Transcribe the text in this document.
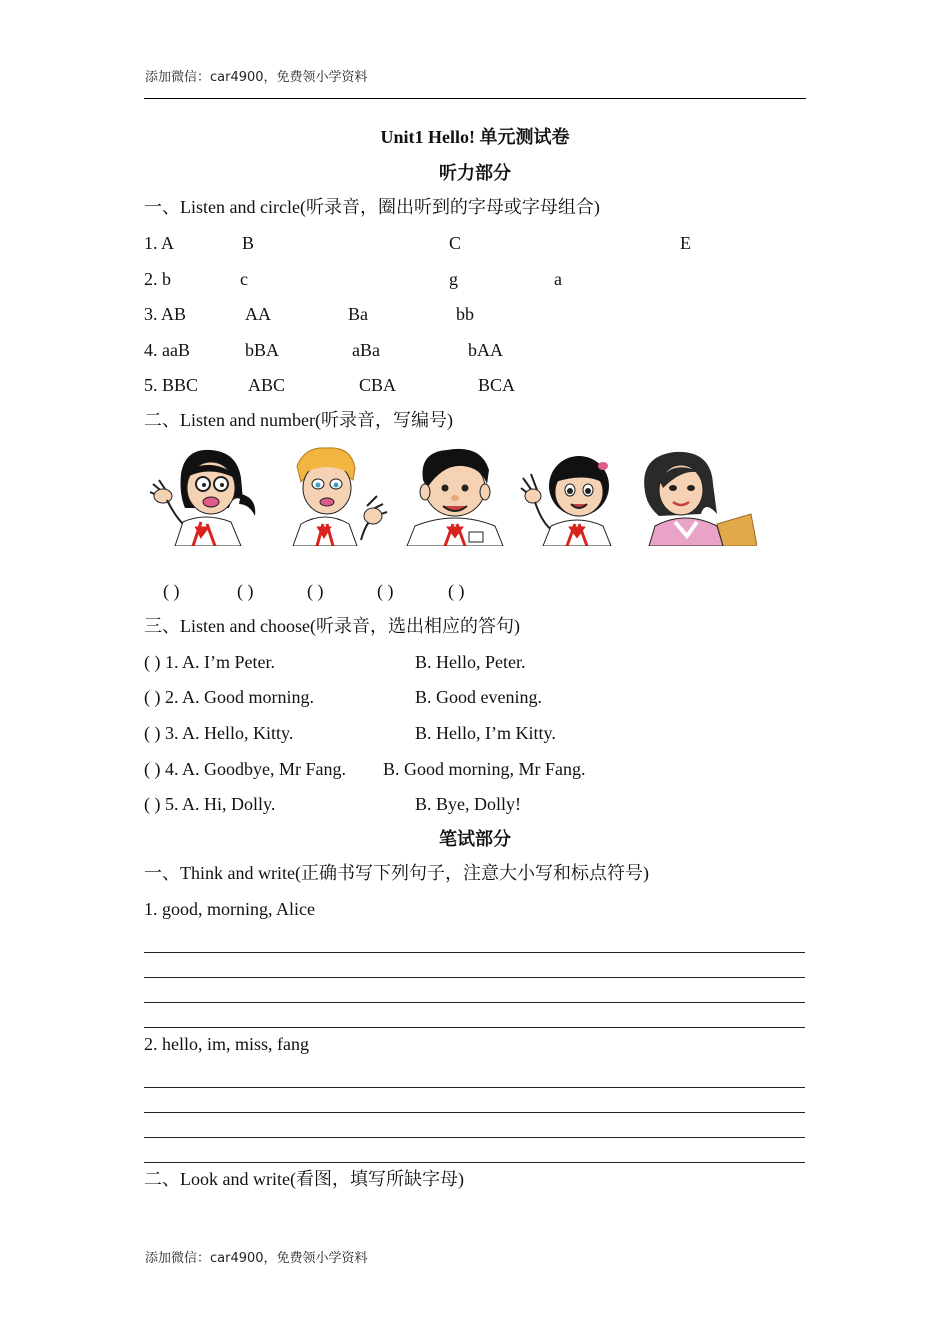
添加微信：car4900，免费领小学资料
Unit1 Hello! 单元测试卷
听力部分
一、Listen and circle(听录音，圈出听到的字母或字母组合)
1. A	B	C	E
2. b	c	g	a
3. AB	AA	Ba	bb
4. aaB	bBA	aBa	bAA
5. BBC	ABC	CBA	BCA
二、Listen and number(听录音，写编号)
( )	( )	( )	( )	( )
三、Listen and choose(听录音，选出相应的答句)
( ) 1. A. I’m Peter.	B. Hello, Peter.
( ) 2. A. Good morning.	B. Good evening.
( ) 3. A. Hello, Kitty.	B. Hello, I’m Kitty.
( ) 4. A. Goodbye, Mr Fang. B. Good morning, Mr Fang.
( ) 5. A. Hi, Dolly.	B. Bye, Dolly!
笔试部分
一、Think and write(正确书写下列句子，注意大小写和标点符号)
1. good, morning, Alice
2. hello, im, miss, fang
二、Look and write(看图，填写所缺字母)
添加微信：car4900，免费领小学资料
